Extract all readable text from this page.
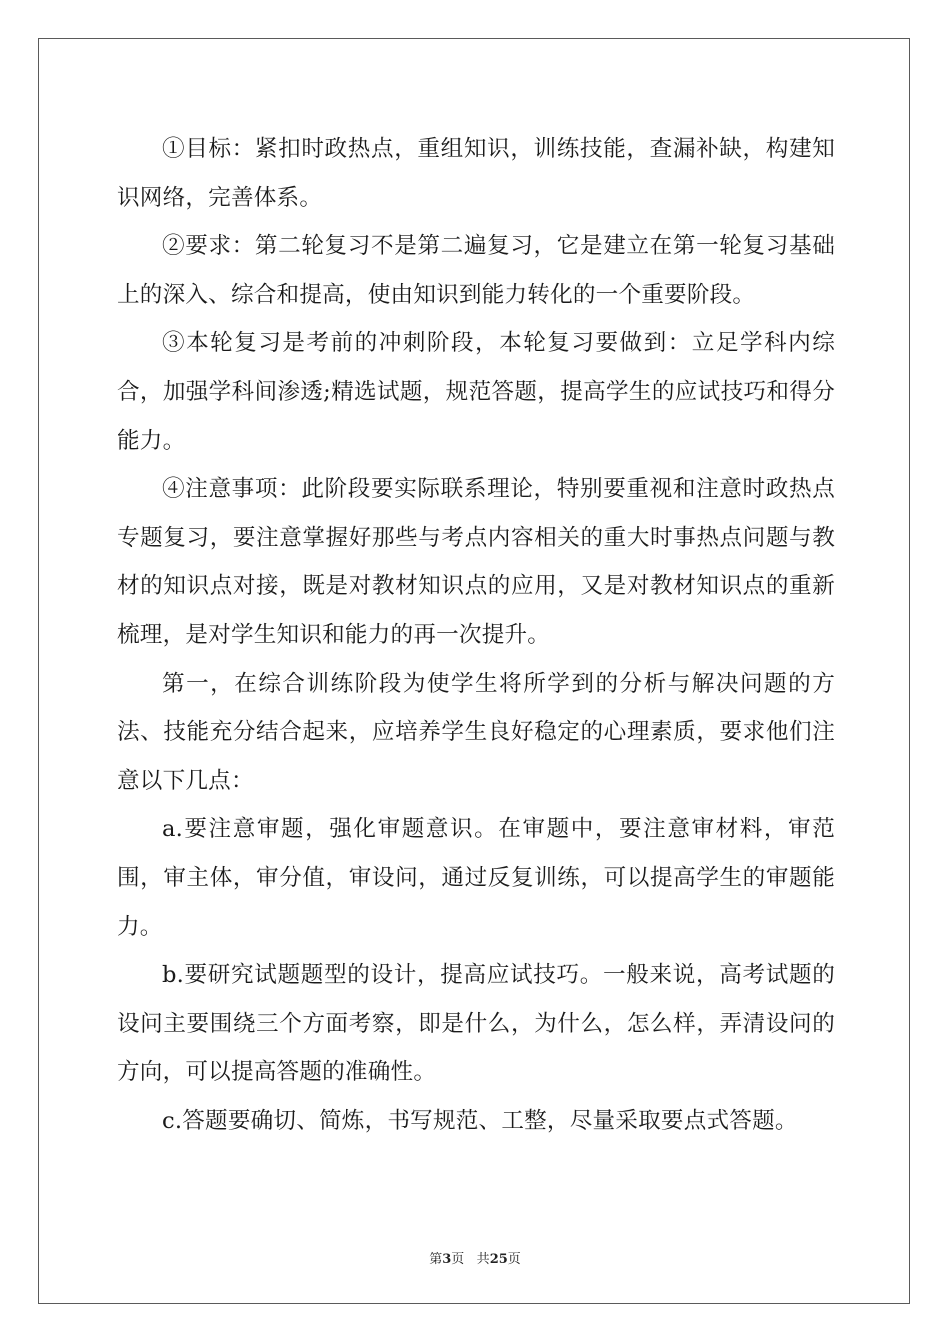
①目标：紧扣时政热点，重组知识，训练技能，查漏补缺，构建知识网络，完善体系。

②要求：第二轮复习不是第二遍复习，它是建立在第一轮复习基础上的深入、综合和提高，使由知识到能力转化的一个重要阶段。

③本轮复习是考前的冲刺阶段，本轮复习要做到：立足学科内综合，加强学科间渗透;精选试题，规范答题，提高学生的应试技巧和得分能力。

④注意事项：此阶段要实际联系理论，特别要重视和注意时政热点专题复习，要注意掌握好那些与考点内容相关的重大时事热点问题与教材的知识点对接，既是对教材知识点的应用，又是对教材知识点的重新梳理，是对学生知识和能力的再一次提升。

第一，在综合训练阶段为使学生将所学到的分析与解决问题的方法、技能充分结合起来，应培养学生良好稳定的心理素质，要求他们注意以下几点：

a.要注意审题，强化审题意识。在审题中，要注意审材料，审范围，审主体，审分值，审设问，通过反复训练，可以提高学生的审题能力。

b.要研究试题题型的设计，提高应试技巧。一般来说，高考试题的设问主要围绕三个方面考察，即是什么，为什么，怎么样，弄清设问的方向，可以提高答题的准确性。

c.答题要确切、简炼，书写规范、工整，尽量采取要点式答题。

第3页 共25页
